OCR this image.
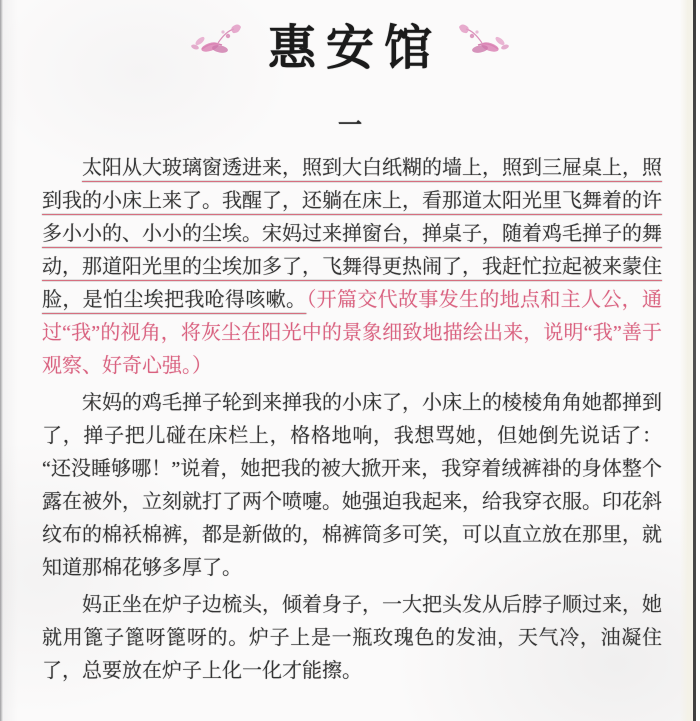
惠安馆
一

太阳从大玻璃窗透进来，照到大白纸糊的墙上，照到三屉桌上，照到我的小床上来了。我醒了，还躺在床上，看那道太阳光里飞舞着的许多小小的、小小的尘埃。宋妈过来掸窗台，掸桌子，随着鸡毛掸子的舞动，那道阳光里的尘埃加多了，飞舞得更热闹了，我赶忙拉起被来蒙住脸，是怕尘埃把我呛得咳嗽。（开篇交代故事发生的地点和主人公，通过“我”的视角，将灰尘在阳光中的景象细致地描绘出来，说明“我”善于观察、好奇心强。）

宋妈的鸡毛掸子轮到来掸我的小床了，小床上的棱棱角角她都掸到了，掸子把儿碰在床栏上，格格地响，我想骂她，但她倒先说话了：“还没睡够哪！”说着，她把我的被大掀开来，我穿着绒裤褂的身体整个露在被外，立刻就打了两个喷嚏。她强迫我起来，给我穿衣服。印花斜纹布的棉袄棉裤，都是新做的，棉裤筒多可笑，可以直立放在那里，就知道那棉花够多厚了。

妈正坐在炉子边梳头，倾着身子，一大把头发从后脖子顺过来，她就用篦子篦呀篦呀的。炉子上是一瓶玫瑰色的发油，天气冷，油凝住了，总要放在炉子上化一化才能擦。
